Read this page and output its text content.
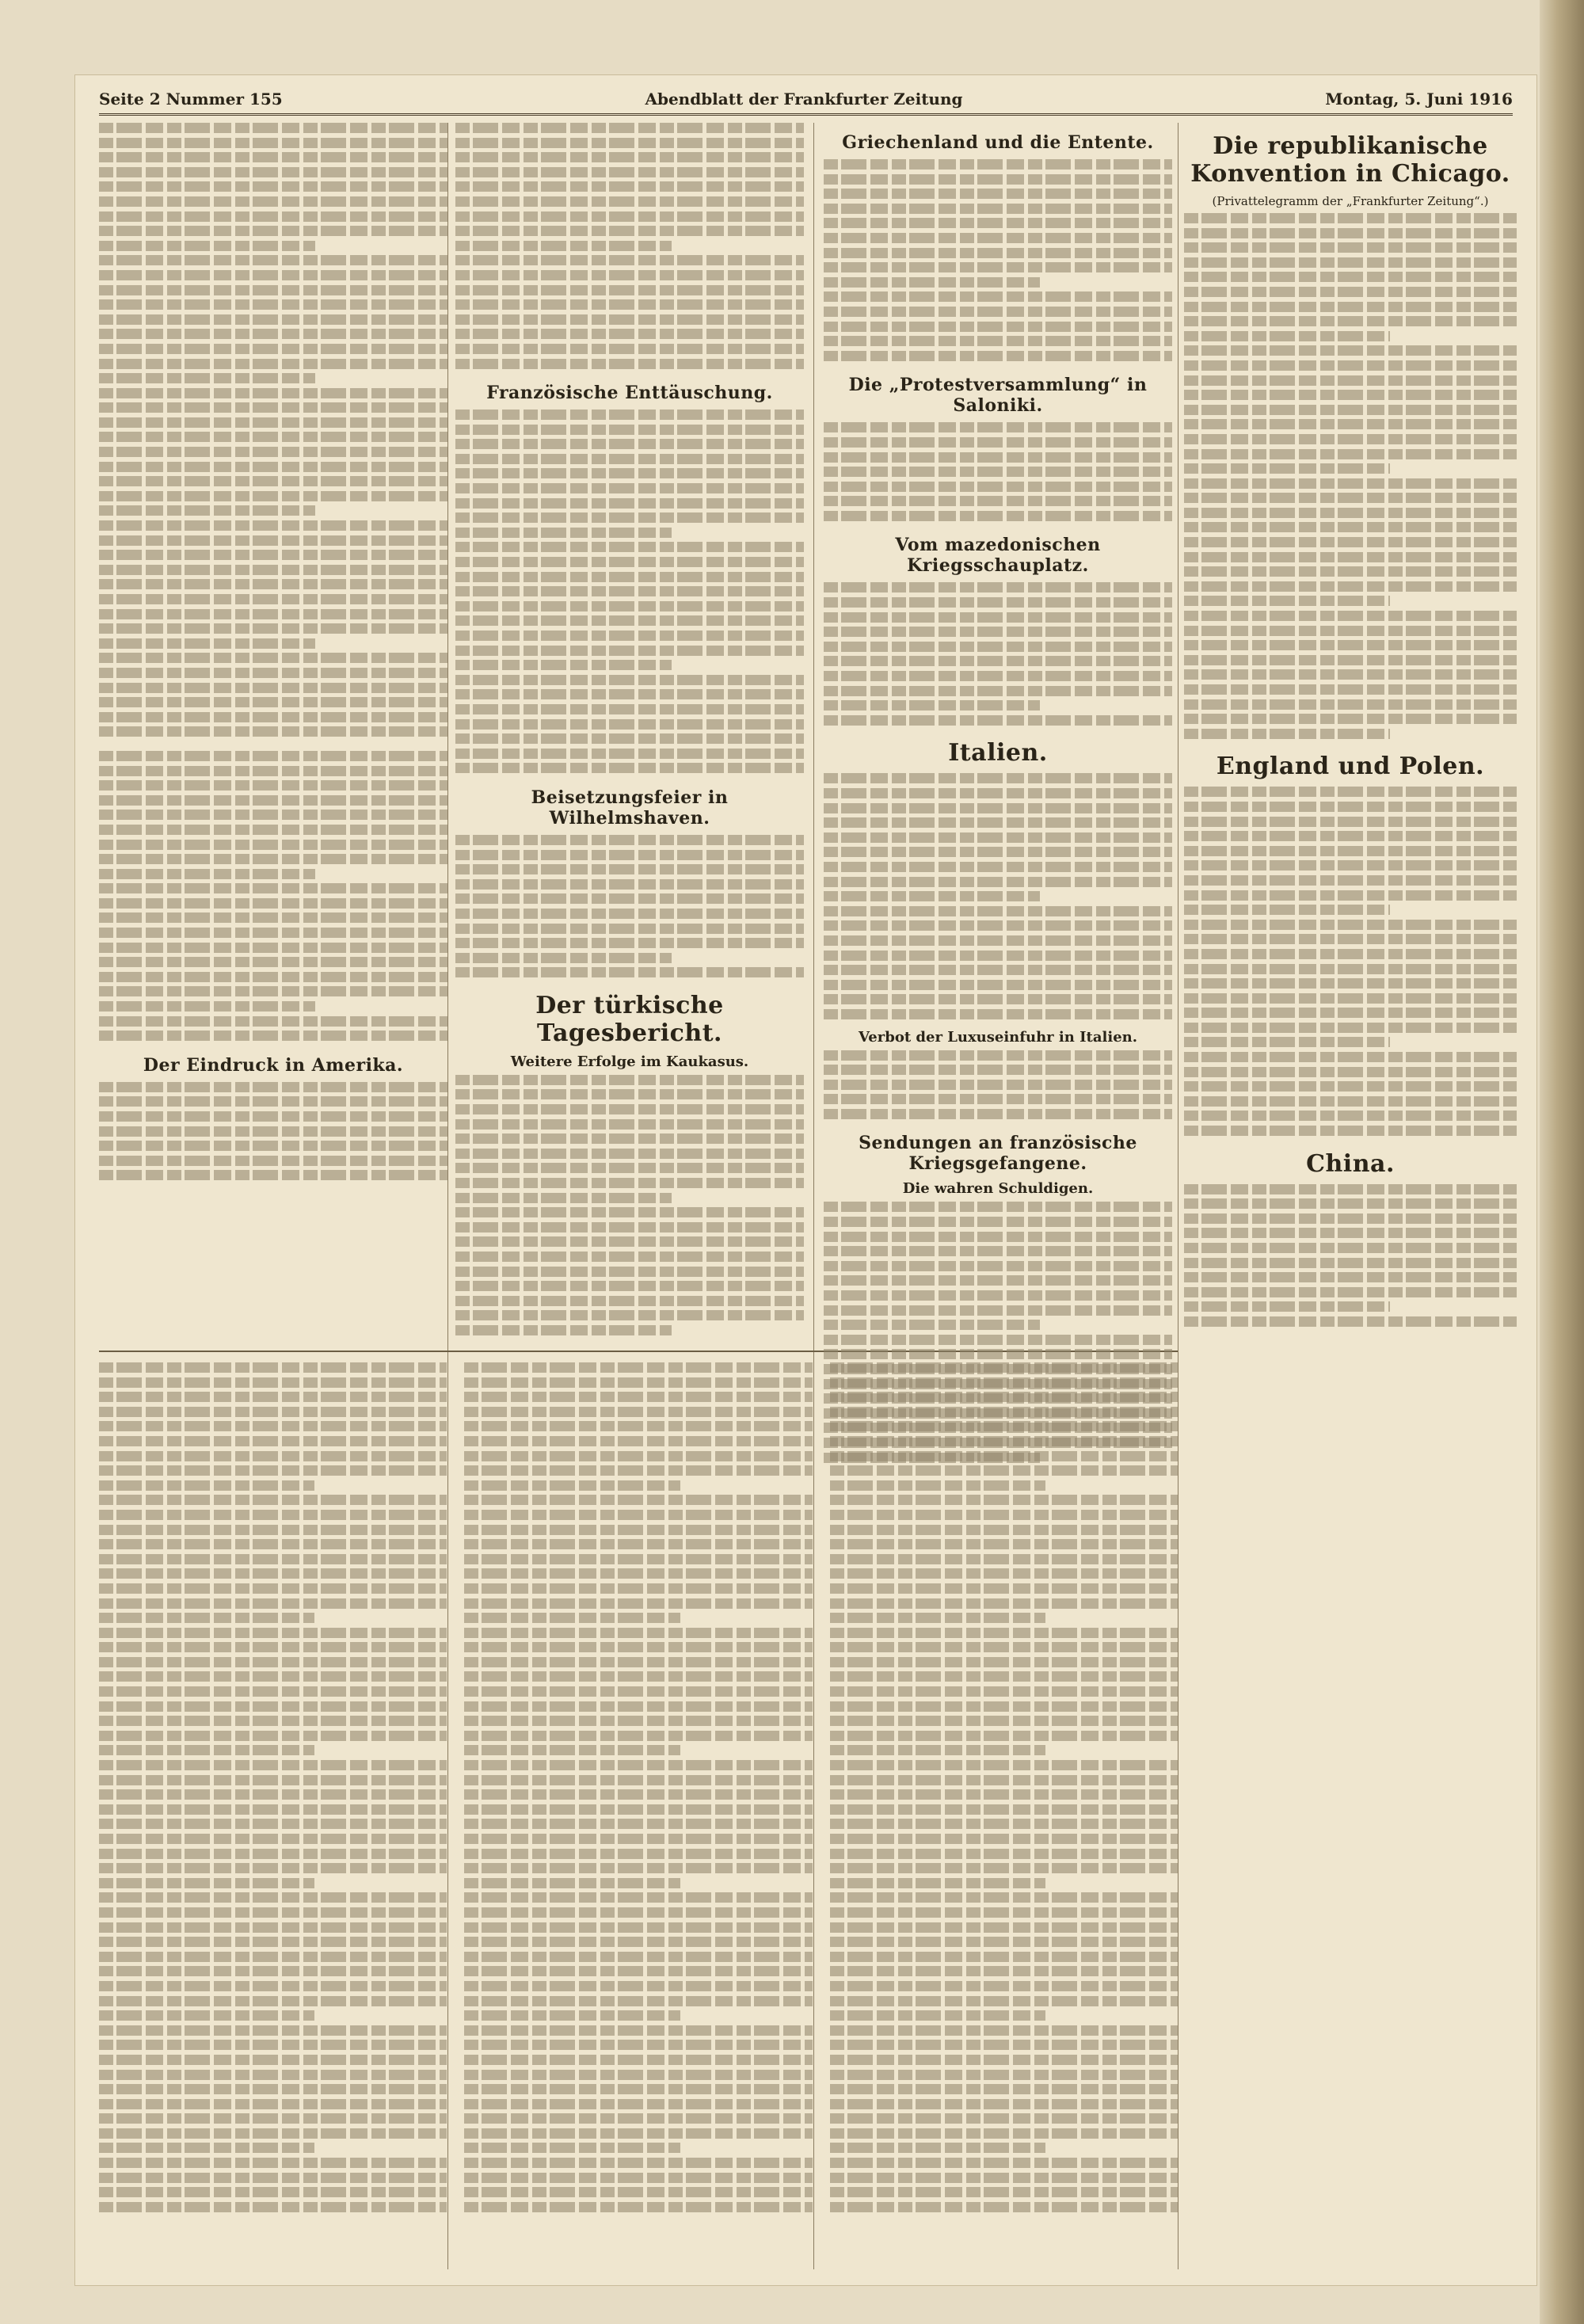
Seite 2 Nummer 155	Abendblatt der Frankfurter Zeitung	Montag, 5. Juni 1916
Der Eindruck in Amerika.
Französische Enttäuschung.
Beisetzungsfeier in Wilhelmshaven.
Der türkische Tagesbericht.
Weitere Erfolge im Kaukasus.
Griechenland und die Entente.
Die „Protestversammlung“ in Saloniki.
Vom mazedonischen Kriegsschauplatz.
Italien.
Verbot der Luxuseinfuhr in Italien.
Sendungen an französische Kriegsgefangene.
Die wahren Schuldigen.
Die republikanische Konvention in Chicago.
(Privattelegramm der „Frankfurter Zeitung“.)
England und Polen.
China.
